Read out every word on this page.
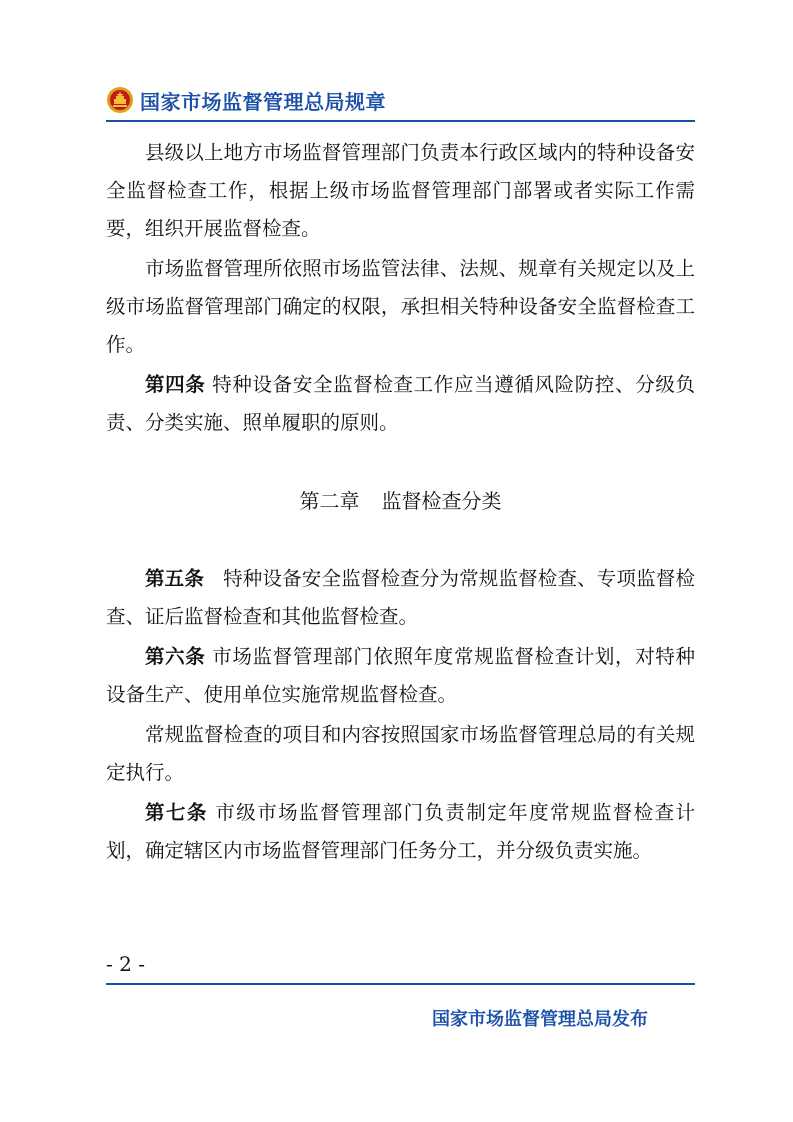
国家市场监督管理总局规章

县级以上地方市场监督管理部门负责本行政区域内的特种设备安全监督检查工作，根据上级市场监督管理部门部署或者实际工作需要，组织开展监督检查。

市场监督管理所依照市场监管法律、法规、规章有关规定以及上级市场监督管理部门确定的权限，承担相关特种设备安全监督检查工作。

第四条 特种设备安全监督检查工作应当遵循风险防控、分级负责、分类实施、照单履职的原则。

第二章 监督检查分类

第五条 特种设备安全监督检查分为常规监督检查、专项监督检查、证后监督检查和其他监督检查。

第六条 市场监督管理部门依照年度常规监督检查计划，对特种设备生产、使用单位实施常规监督检查。

常规监督检查的项目和内容按照国家市场监督管理总局的有关规定执行。

第七条 市级市场监督管理部门负责制定年度常规监督检查计划，确定辖区内市场监督管理部门任务分工，并分级负责实施。

- 2 -
国家市场监督管理总局发布
